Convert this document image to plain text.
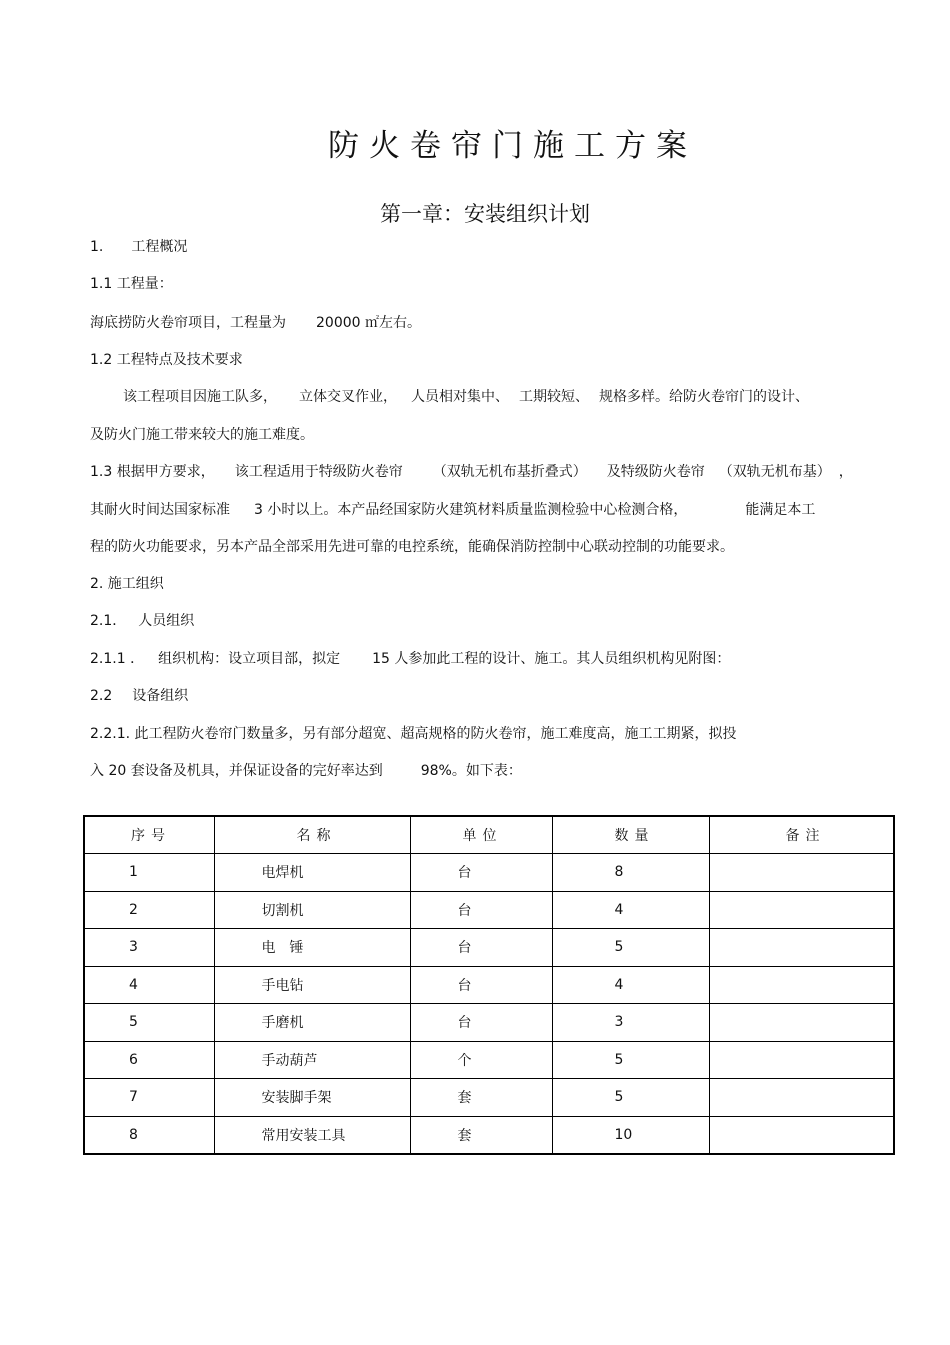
防火卷帘门施工方案
第一章：安装组织计划
1. 工程概况
1.1 工程量：
海底捞防火卷帘项目，工程量为 20000 ㎡左右。
1.2 工程特点及技术要求
该工程项目因施工队多， 立体交叉作业， 人员相对集中、 工期较短、 规格多样。给防火卷帘门的设计、
及防火门施工带来较大的施工难度。
1.3 根据甲方要求， 该工程适用于特级防火卷帘 （双轨无机布基折叠式） 及特级防火卷帘 （双轨无机布基） ，
其耐火时间达国家标准 3 小时以上。本产品经国家防火建筑材料质量监测检验中心检测合格，	能满足本工
程的防火功能要求，另本产品全部采用先进可靠的电控系统，能确保消防控制中心联动控制的功能要求。
2. 施工组织
2.1． 人员组织
2.1.1 ． 组织机构：设立项目部，拟定 15 人参加此工程的设计、施工。其人员组织机构见附图：
2.2 设备组织
2.2.1. 此工程防火卷帘门数量多，另有部分超宽、超高规格的防火卷帘，施工难度高，施工工期紧，拟投
入 20 套设备及机具，并保证设备的完好率达到	98%。如下表：
序号	名称	单位	数量	备注
1	电焊机	台	8	
2	切割机	台	4	
3	电　锤	台	5	
4	手电钻	台	4	
5	手磨机	台	3	
6	手动葫芦	个	5	
7	安装脚手架	套	5	
8	常用安装工具	套	10	
